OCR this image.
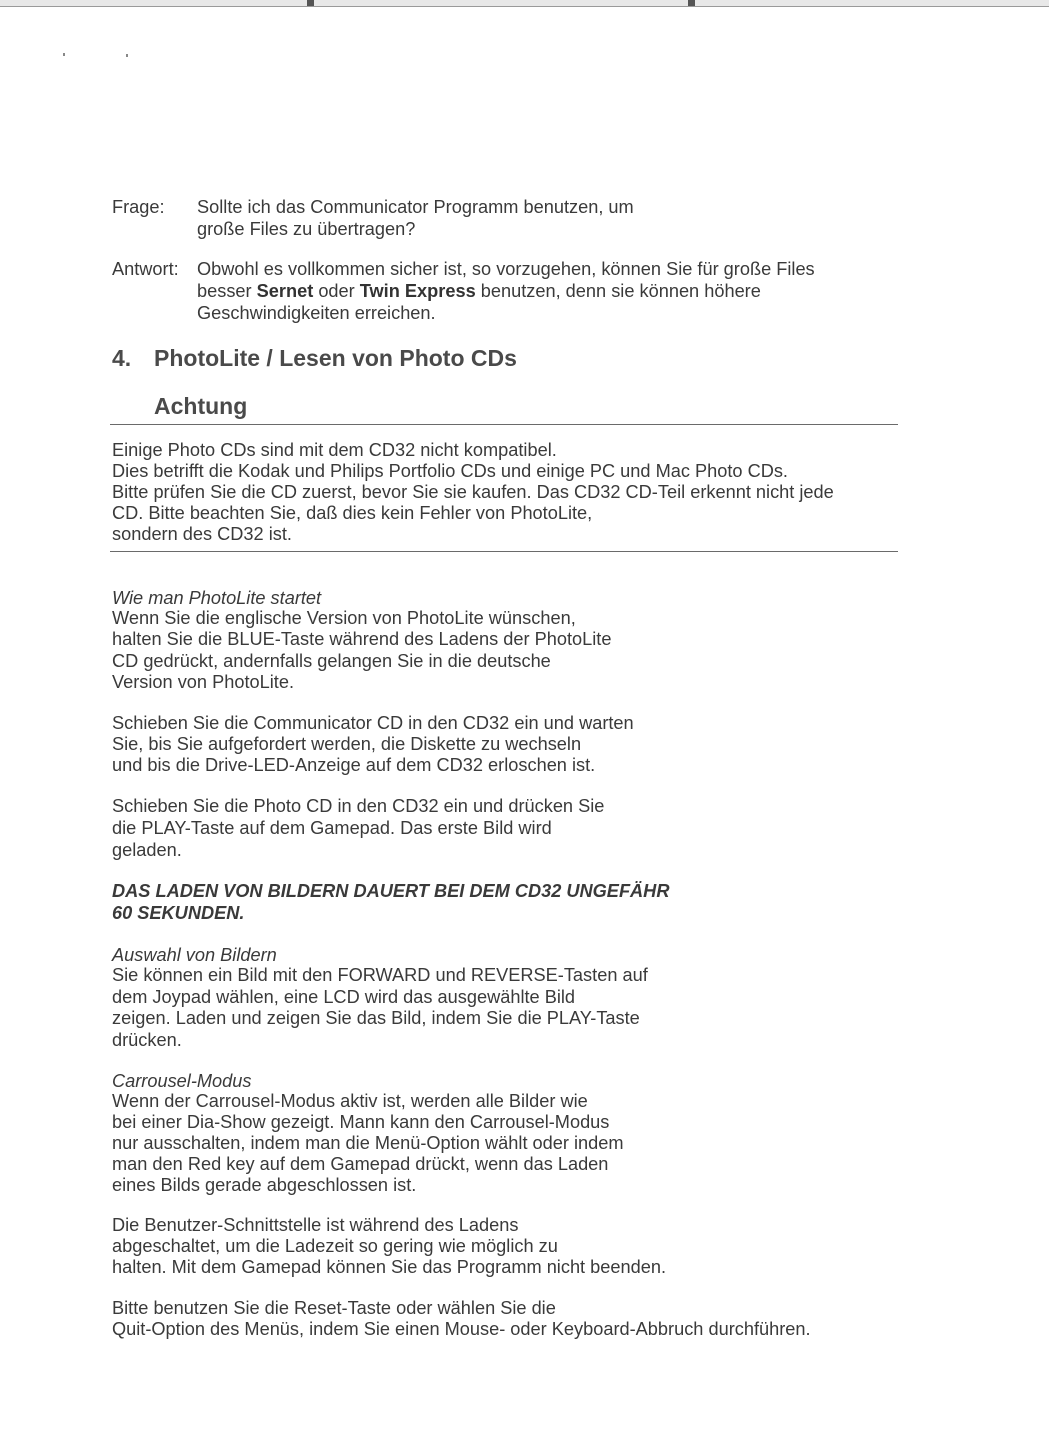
Frage: Sollte ich das Communicator Programm benutzen, um
große Files zu übertragen?
Antwort: Obwohl es vollkommen sicher ist, so vorzugehen, können Sie für große Files
besser Sernet oder Twin Express benutzen, denn sie können höhere
Geschwindigkeiten erreichen.
4. PhotoLite / Lesen von Photo CDs
Achtung
Einige Photo CDs sind mit dem CD32 nicht kompatibel.
Dies betrifft die Kodak und Philips Portfolio CDs und einige PC und Mac Photo CDs.
Bitte prüfen Sie die CD zuerst, bevor Sie sie kaufen. Das CD32 CD-Teil erkennt nicht jede
CD. Bitte beachten Sie, daß dies kein Fehler von PhotoLite,
sondern des CD32 ist.
Wie man PhotoLite startet
Wenn Sie die englische Version von PhotoLite wünschen,
halten Sie die BLUE-Taste während des Ladens der PhotoLite
CD gedrückt, andernfalls gelangen Sie in die deutsche
Version von PhotoLite.
Schieben Sie die Communicator CD in den CD32 ein und warten
Sie, bis Sie aufgefordert werden, die Diskette zu wechseln
und bis die Drive-LED-Anzeige auf dem CD32 erloschen ist.
Schieben Sie die Photo CD in den CD32 ein und drücken Sie
die PLAY-Taste auf dem Gamepad. Das erste Bild wird
geladen.
DAS LADEN VON BILDERN DAUERT BEI DEM CD32 UNGEFÄHR
60 SEKUNDEN.
Auswahl von Bildern
Sie können ein Bild mit den FORWARD und REVERSE-Tasten auf
dem Joypad wählen, eine LCD wird das ausgewählte Bild
zeigen. Laden und zeigen Sie das Bild, indem Sie die PLAY-Taste
drücken.
Carrousel-Modus
Wenn der Carrousel-Modus aktiv ist, werden alle Bilder wie
bei einer Dia-Show gezeigt. Mann kann den Carrousel-Modus
nur ausschalten, indem man die Menü-Option wählt oder indem
man den Red key auf dem Gamepad drückt, wenn das Laden
eines Bilds gerade abgeschlossen ist.
Die Benutzer-Schnittstelle ist während des Ladens
abgeschaltet, um die Ladezeit so gering wie möglich zu
halten. Mit dem Gamepad können Sie das Programm nicht beenden.
Bitte benutzen Sie die Reset-Taste oder wählen Sie die
Quit-Option des Menüs, indem Sie einen Mouse- oder Keyboard-Abbruch durchführen.
